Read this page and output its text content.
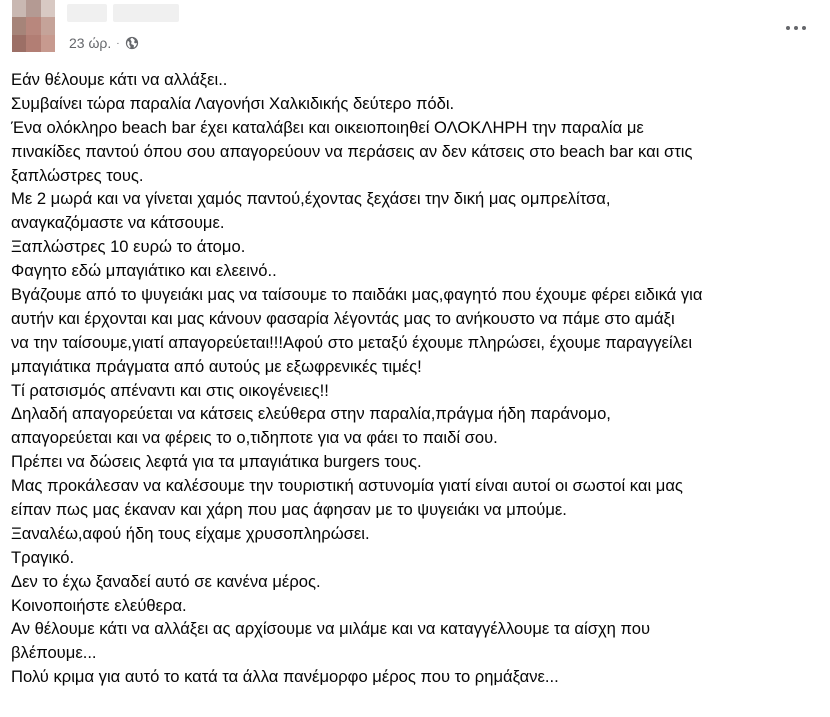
23 ώρ. ·
Εάν θέλουμε κάτι να αλλάξει..
Συμβαίνει τώρα παραλία Λαγονήσι Χαλκιδικής δεύτερο πόδι.
Ένα ολόκληρο beach bar έχει καταλάβει και οικειοποιηθεί ΟΛΟΚΛΗΡΗ την παραλία με
πινακίδες παντού όπου σου απαγορεύουν να περάσεις αν δεν κάτσεις στο beach bar και στις
ξαπλώστρες τους.
Με 2 μωρά και να γίνεται χαμός παντού,έχοντας ξεχάσει την δική μας ομπρελίτσα,
αναγκαζόμαστε να κάτσουμε.
Ξαπλώστρες 10 ευρώ το άτομο.
Φαγητο εδώ μπαγιάτικο και ελεεινό..
Βγάζουμε από το ψυγειάκι μας να ταίσουμε το παιδάκι μας,φαγητό που έχουμε φέρει ειδικά για
αυτήν και έρχονται και μας κάνουν φασαρία λέγοντάς μας το ανήκουστο να πάμε στο αμάξι
να την ταίσουμε,γιατί απαγορεύεται!!!Αφού στο μεταξύ έχουμε πληρώσει, έχουμε παραγγείλει
μπαγιάτικα πράγματα από αυτούς με εξωφρενικές τιμές!
Τί ρατσισμός απέναντι και στις οικογένειες!!
Δηλαδή απαγορεύεται να κάτσεις ελεύθερα στην παραλία,πράγμα ήδη παράνομο,
απαγορεύεται και να φέρεις το ο,τιδηποτε για να φάει το παιδί σου.
Πρέπει να δώσεις λεφτά για τα μπαγιάτικα burgers τους.
Μας προκάλεσαν να καλέσουμε την τουριστική αστυνομία γιατί είναι αυτοί οι σωστοί και μας
είπαν πως μας έκαναν και χάρη που μας άφησαν με το ψυγειάκι να μπούμε.
Ξαναλέω,αφού ήδη τους είχαμε χρυσοπληρώσει.
Τραγικό.
Δεν το έχω ξαναδεί αυτό σε κανένα μέρος.
Κοινοποιήστε ελεύθερα.
Αν θέλουμε κάτι να αλλάξει ας αρχίσουμε να μιλάμε και να καταγγέλλουμε τα αίσχη που
βλέπουμε...
Πολύ κριμα για αυτό το κατά τα άλλα πανέμορφο μέρος που το ρημάξανε...
